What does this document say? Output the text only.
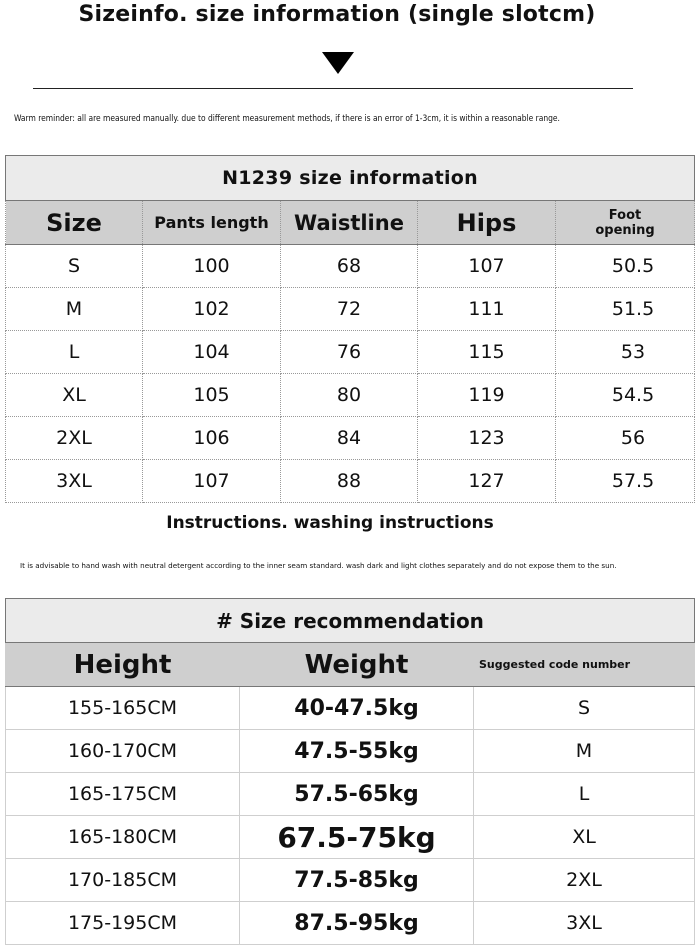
Sizeinfo. size information (single slotcm)
Warm reminder: all are measured manually. due to different measurement methods, if there is an error of 1-3cm, it is within a reasonable range.
N1239 size information				
Size	Pants length	Waistline	Hips	Foot opening
S	100	68	107	50.5
M	102	72	111	51.5
L	104	76	115	53
XL	105	80	119	54.5
2XL	106	84	123	56
3XL	107	88	127	57.5
Instructions. washing instructions
It is advisable to hand wash with neutral detergent according to the inner seam standard. wash dark and light clothes separately and do not expose them to the sun.
# Size recommendation		
Height	Weight	Suggested code number
155-165CM	40-47.5kg	S
160-170CM	47.5-55kg	M
165-175CM	57.5-65kg	L
165-180CM	67.5-75kg	XL
170-185CM	77.5-85kg	2XL
175-195CM	87.5-95kg	3XL
